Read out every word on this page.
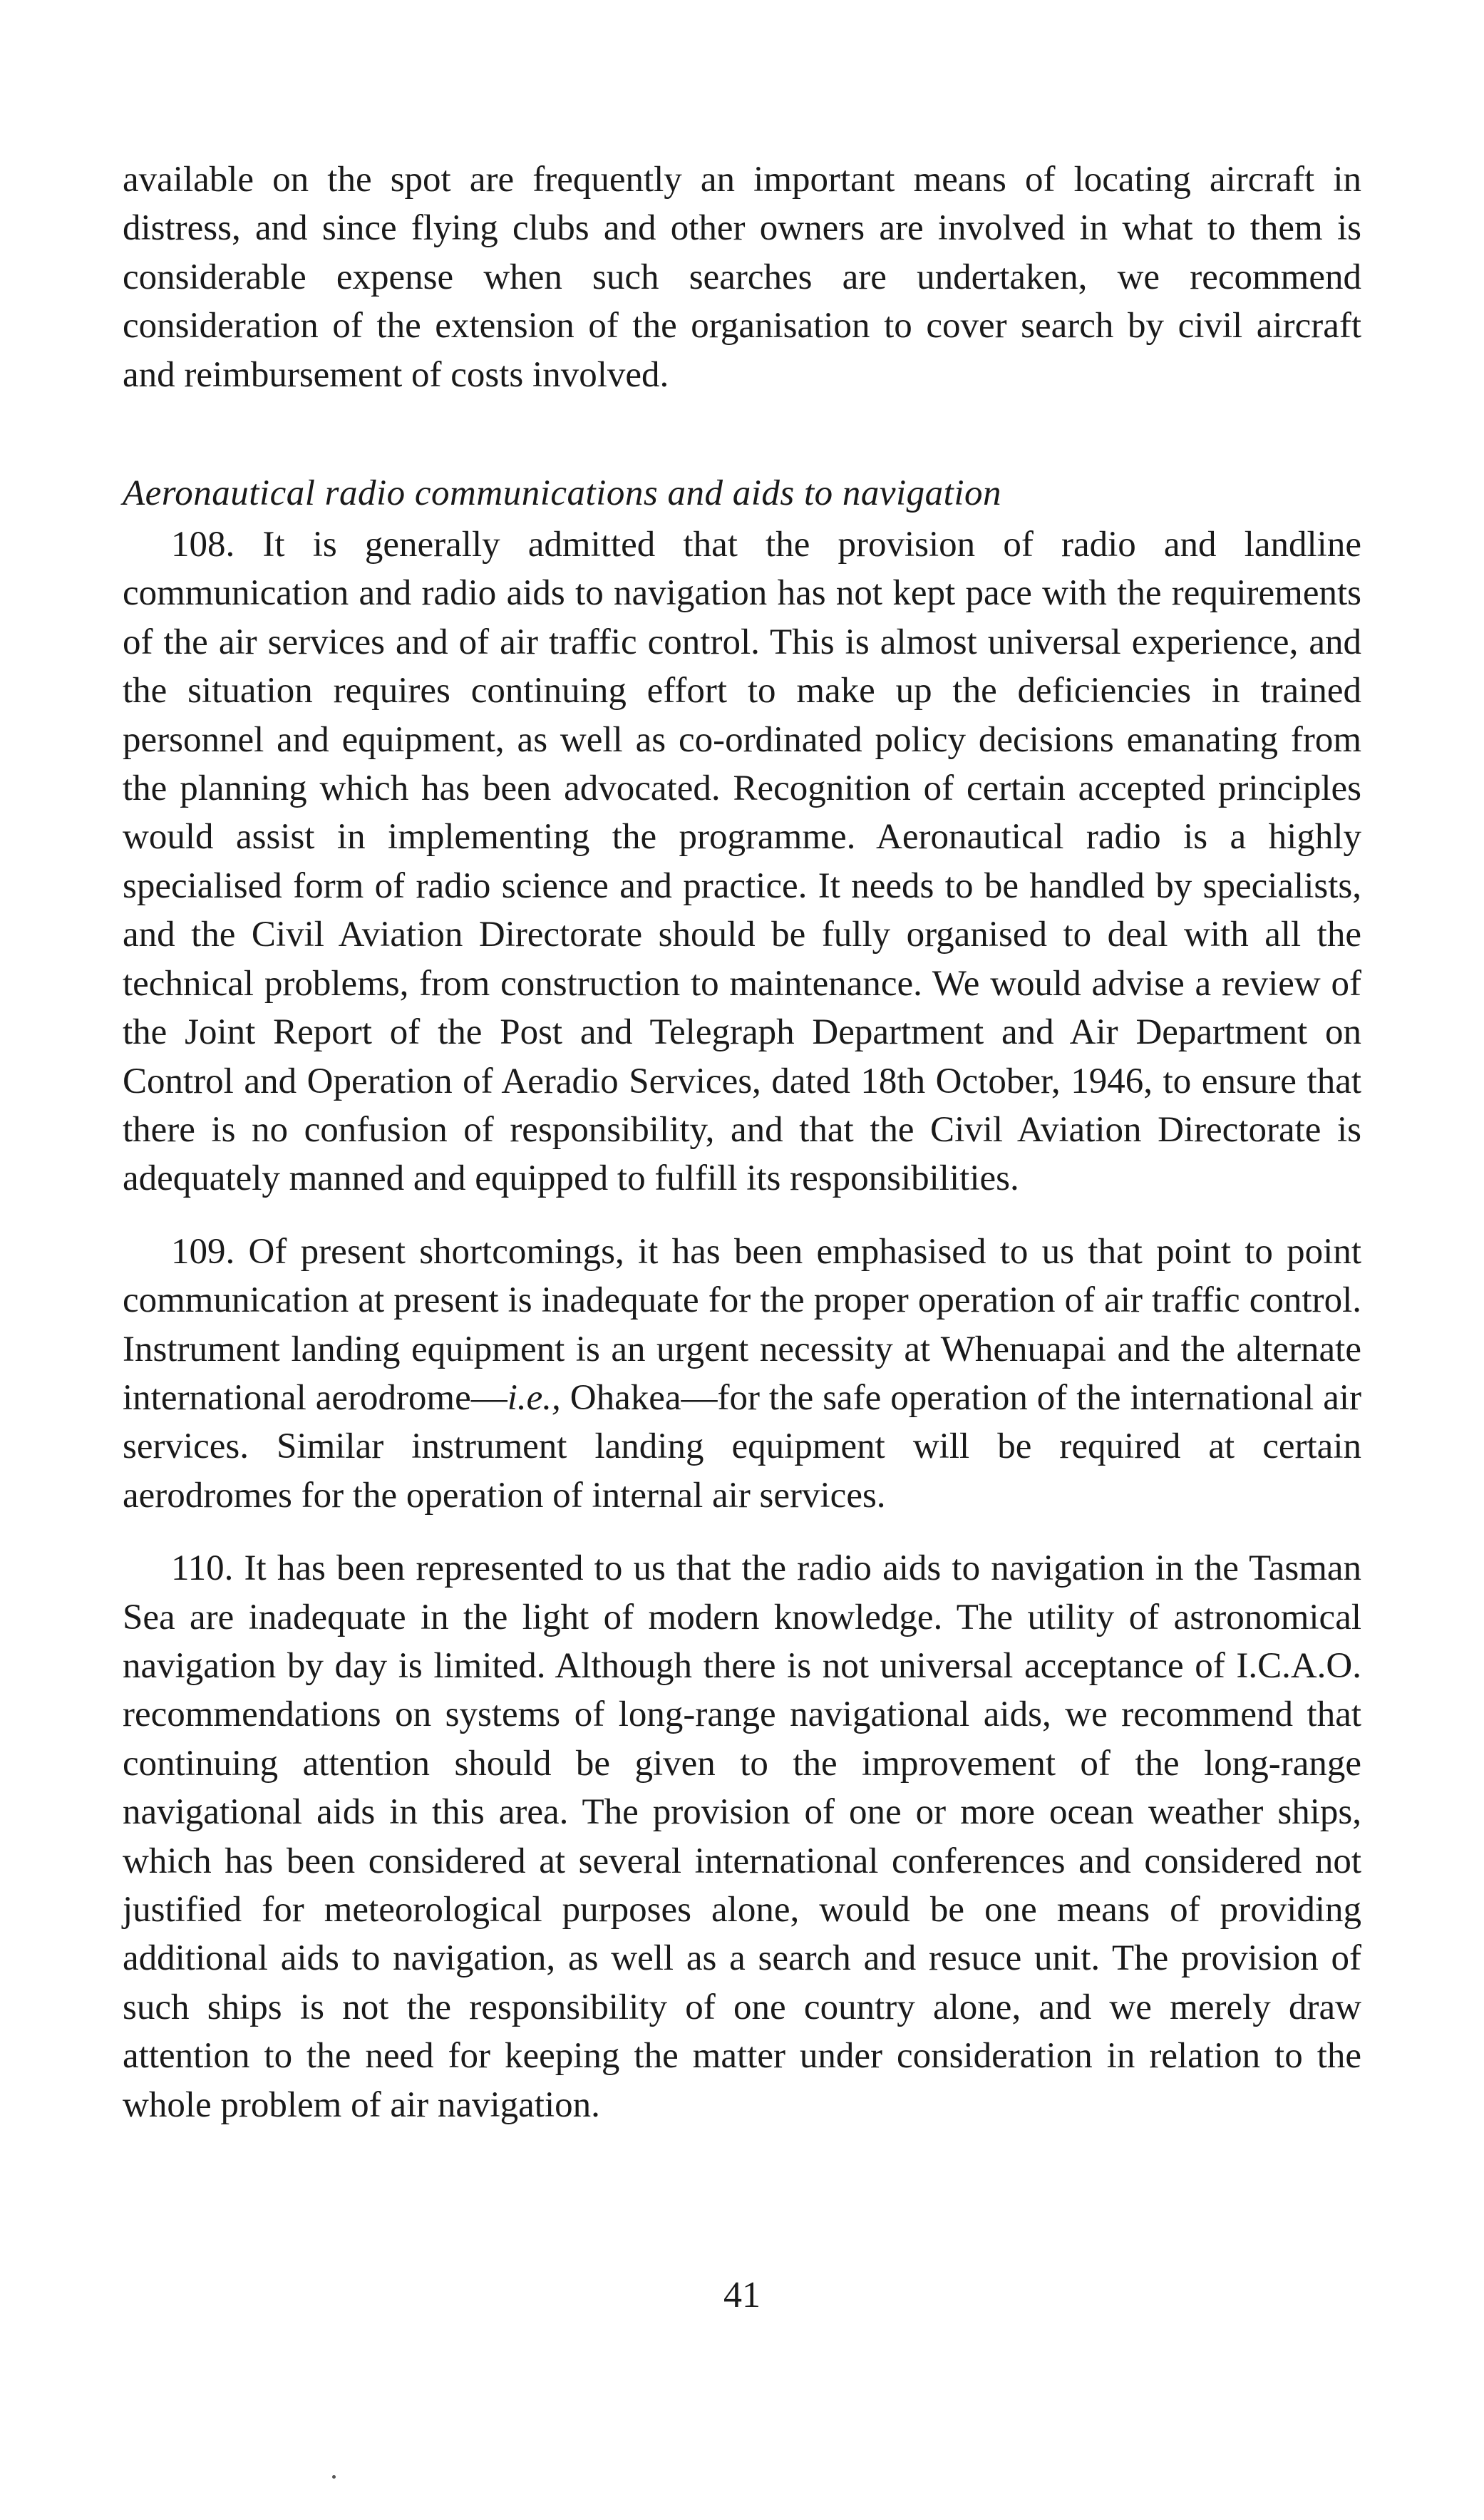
available on the spot are frequently an important means of locating aircraft in distress, and since flying clubs and other owners are involved in what to them is considerable expense when such searches are undertaken, we recommend consideration of the extension of the organisation to cover search by civil aircraft and reimbursement of costs involved.

Aeronautical radio communications and aids to navigation

108. It is generally admitted that the provision of radio and landline communication and radio aids to navigation has not kept pace with the requirements of the air services and of air traffic control. This is almost universal experience, and the situation requires continuing effort to make up the deficiencies in trained personnel and equipment, as well as co-ordinated policy decisions emanating from the planning which has been advocated. Recognition of certain accepted principles would assist in implementing the programme. Aeronautical radio is a highly specialised form of radio science and practice. It needs to be handled by specialists, and the Civil Aviation Directorate should be fully organised to deal with all the technical problems, from construction to maintenance. We would advise a review of the Joint Report of the Post and Telegraph Department and Air Department on Control and Operation of Aeradio Services, dated 18th October, 1946, to ensure that there is no confusion of responsibility, and that the Civil Aviation Directorate is adequately manned and equipped to fulfill its responsibilities.

109. Of present shortcomings, it has been emphasised to us that point to point communication at present is inadequate for the proper operation of air traffic control. Instrument landing equipment is an urgent necessity at Whenuapai and the alternate international aerodrome—i.e., Ohakea—for the safe operation of the international air services. Similar instrument landing equipment will be required at certain aerodromes for the operation of internal air services.

110. It has been represented to us that the radio aids to navigation in the Tasman Sea are inadequate in the light of modern knowledge. The utility of astronomical navigation by day is limited. Although there is not universal acceptance of I.C.A.O. recommendations on systems of long-range navigational aids, we recommend that continuing attention should be given to the improvement of the long-range navigational aids in this area. The provision of one or more ocean weather ships, which has been considered at several international conferences and considered not justified for meteorological purposes alone, would be one means of providing additional aids to navigation, as well as a search and resuce unit. The provision of such ships is not the responsibility of one country alone, and we merely draw attention to the need for keeping the matter under consideration in relation to the whole problem of air navigation.

41
